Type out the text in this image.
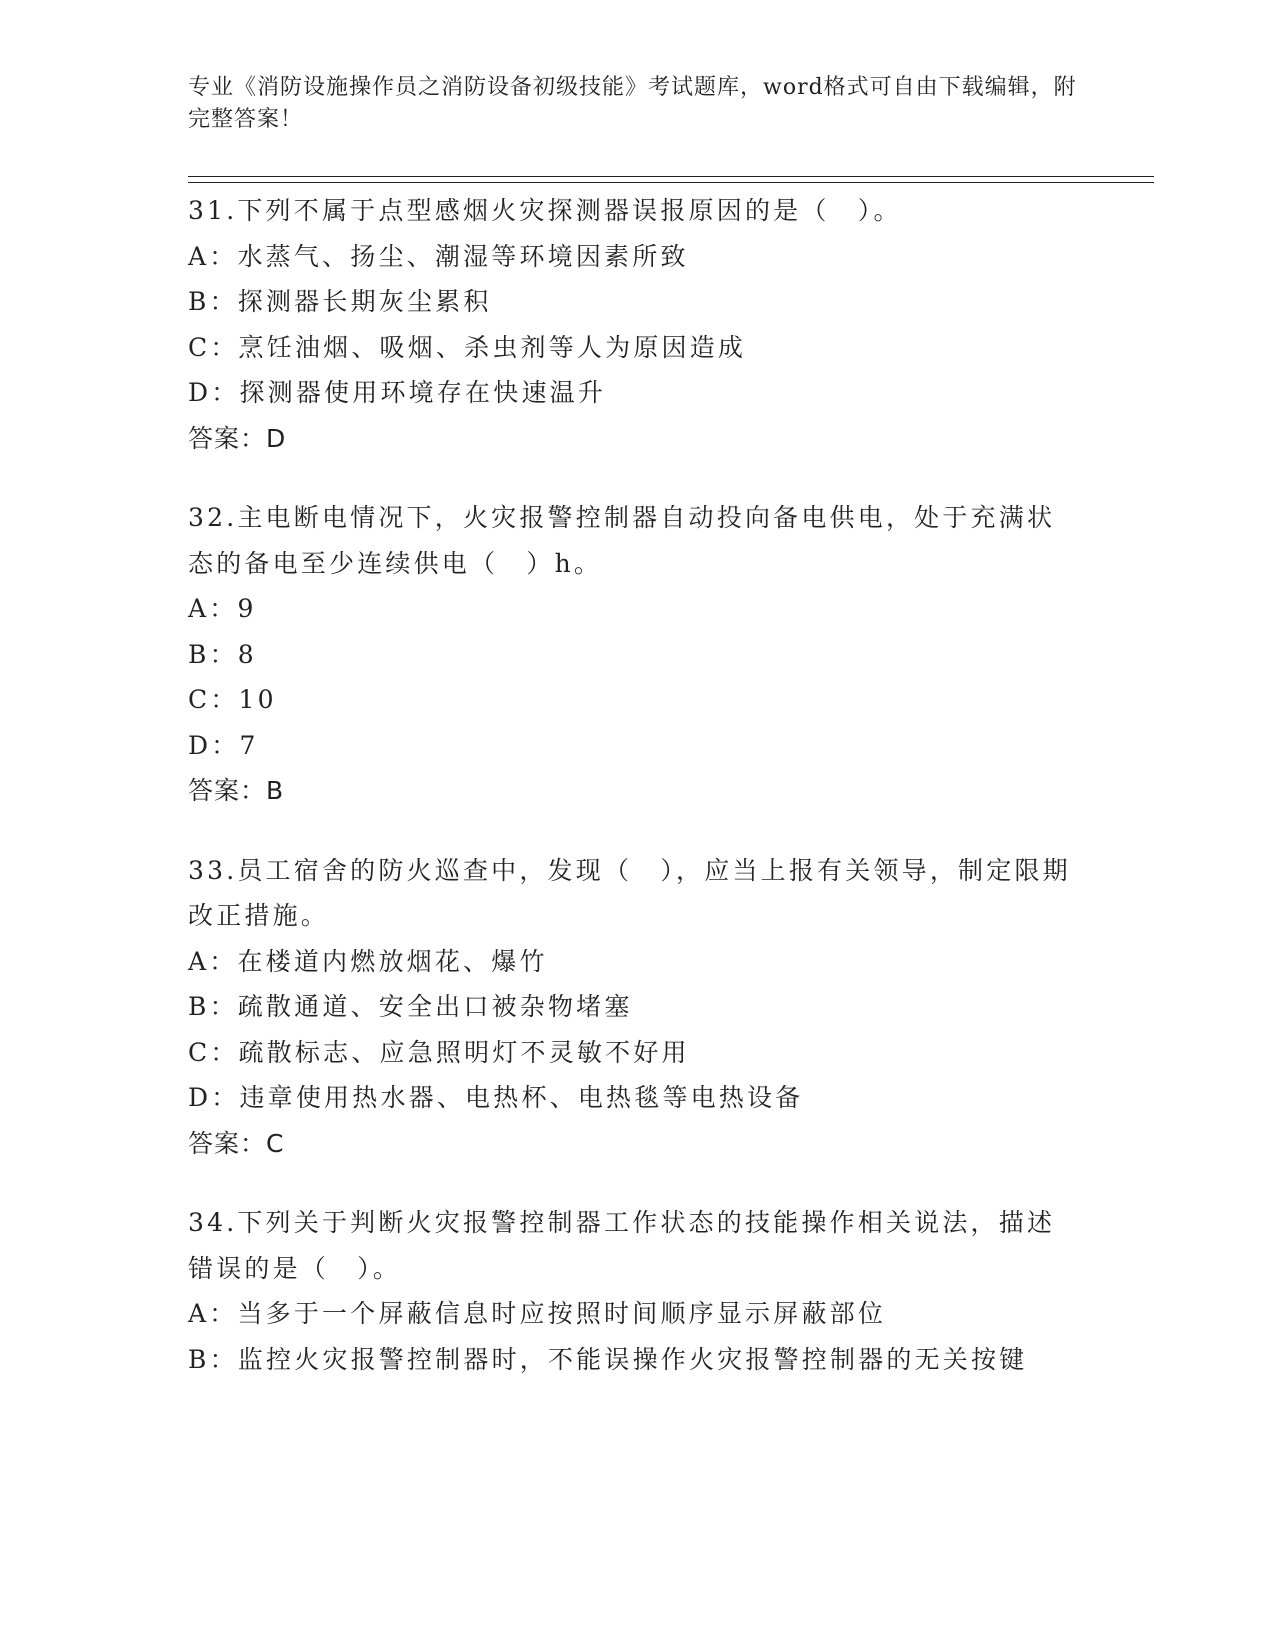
专业《消防设施操作员之消防设备初级技能》考试题库，word格式可自由下载编辑，附完整答案！
31.下列不属于点型感烟火灾探测器误报原因的是（　）。
A：水蒸气、扬尘、潮湿等环境因素所致
B：探测器长期灰尘累积
C：烹饪油烟、吸烟、杀虫剂等人为原因造成
D：探测器使用环境存在快速温升
答案：D
32.主电断电情况下，火灾报警控制器自动投向备电供电，处于充满状态的备电至少连续供电（　）h。
A：9
B：8
C：10
D：7
答案：B
33.员工宿舍的防火巡查中，发现（　），应当上报有关领导，制定限期改正措施。
A：在楼道内燃放烟花、爆竹
B：疏散通道、安全出口被杂物堵塞
C：疏散标志、应急照明灯不灵敏不好用
D：违章使用热水器、电热杯、电热毯等电热设备
答案：C
34.下列关于判断火灾报警控制器工作状态的技能操作相关说法，描述错误的是（　）。
A：当多于一个屏蔽信息时应按照时间顺序显示屏蔽部位
B：监控火灾报警控制器时，不能误操作火灾报警控制器的无关按键
